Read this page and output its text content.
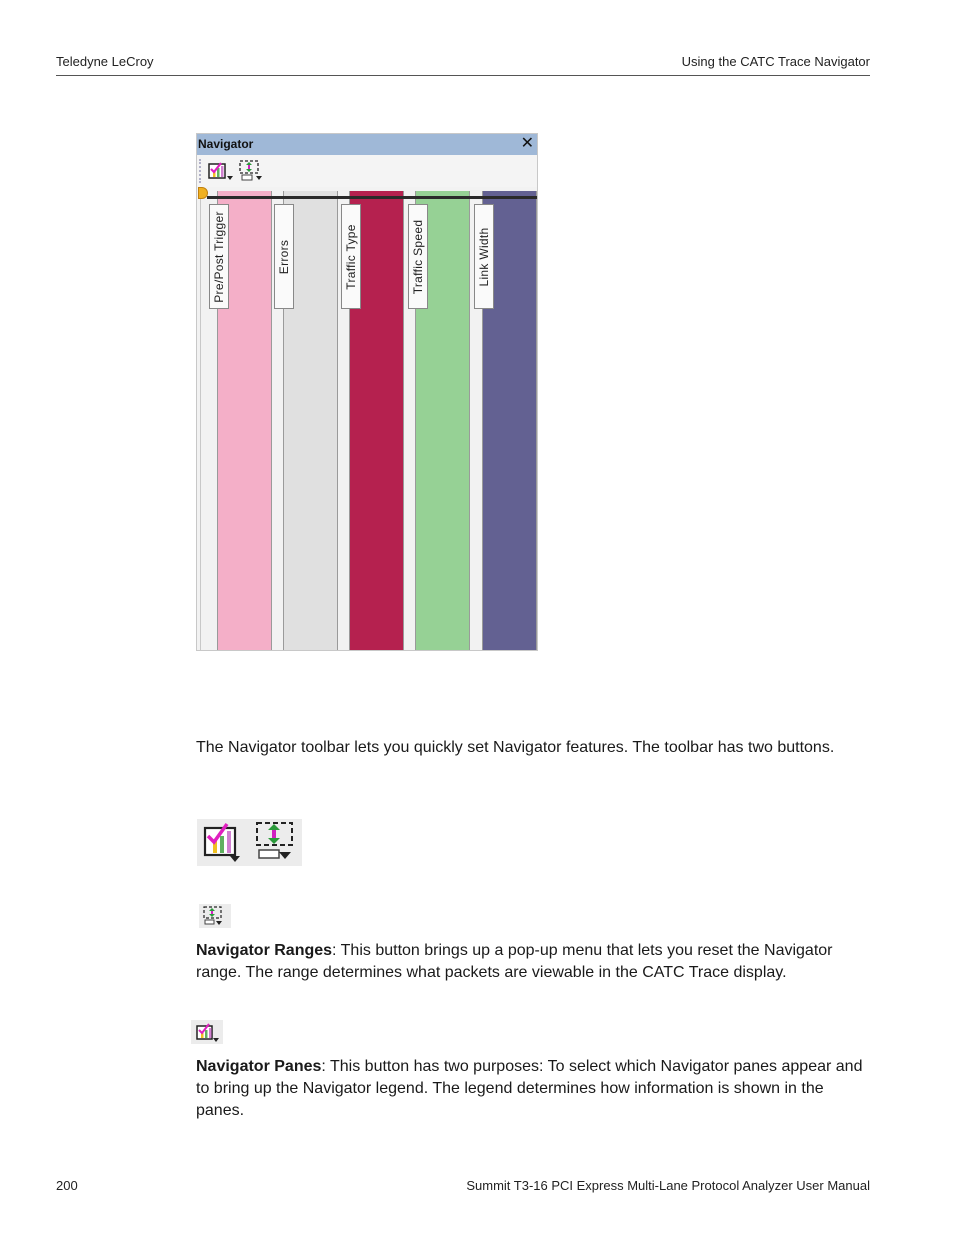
Teledyne LeCroy	Using the CATC Trace Navigator
Navigator	✕
Pre/Post Trigger	Errors	Traffic Type	Traffic Speed	Link Width
The Navigator toolbar lets you quickly set Navigator features. The toolbar has two buttons.
Navigator Ranges: This button brings up a pop-up menu that lets you reset the Navigator range. The range determines what packets are viewable in the CATC Trace display.
Navigator Panes: This button has two purposes: To select which Navigator panes appear and to bring up the Navigator legend. The legend determines how information is shown in the panes.
200	Summit T3-16 PCI Express Multi-Lane Protocol Analyzer User Manual
